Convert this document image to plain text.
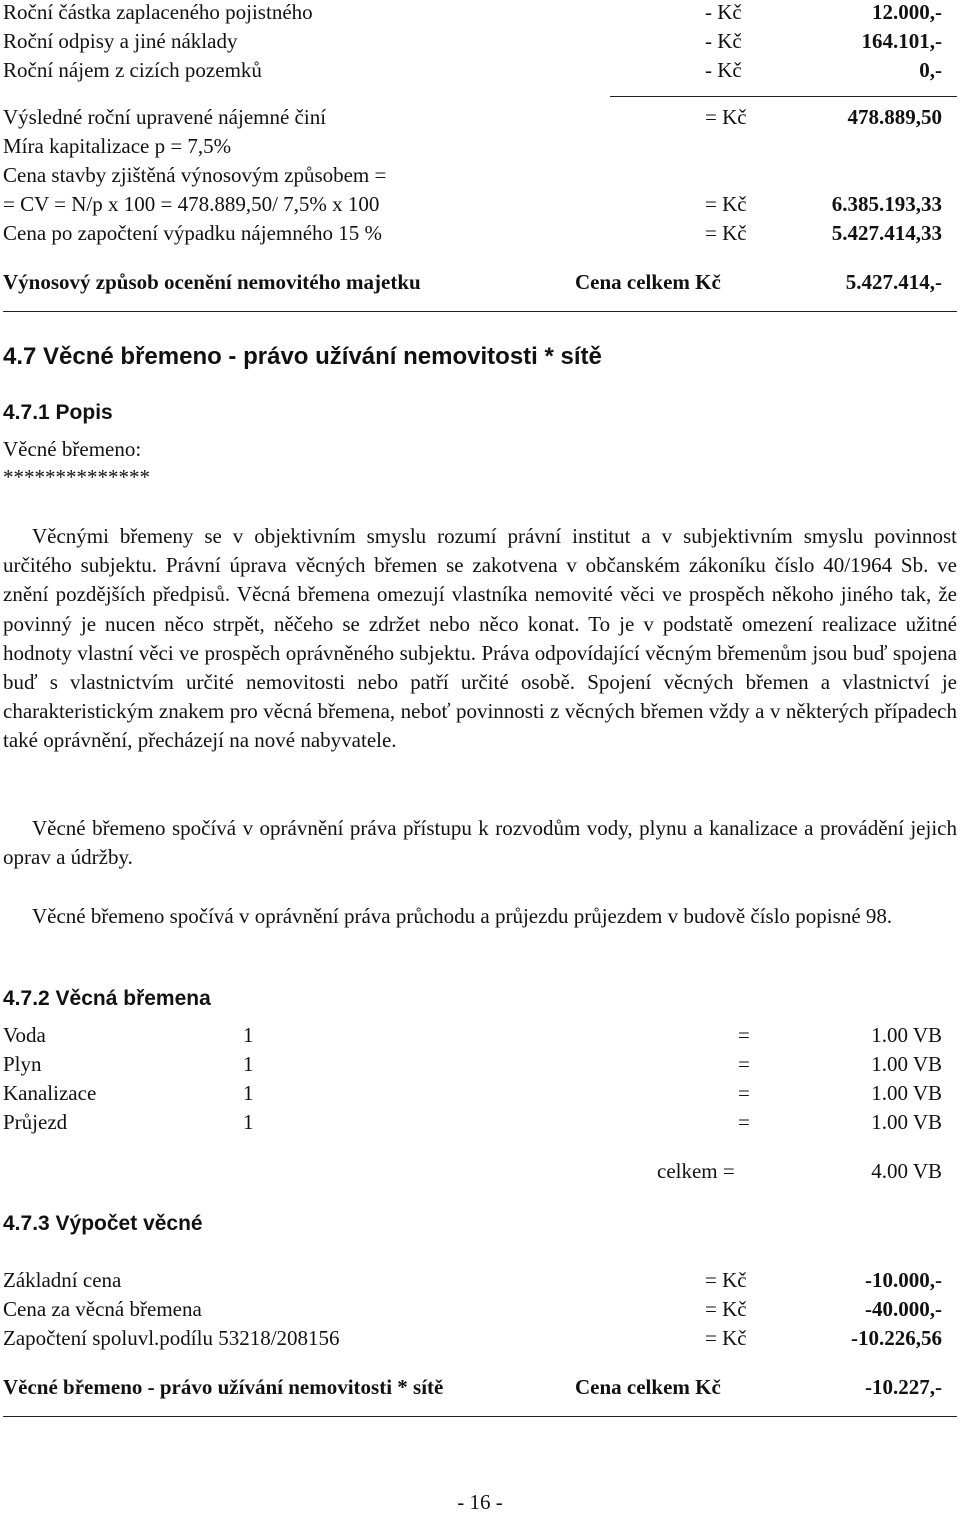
Roční částka zaplaceného pojistného	- Kč	12.000,-
Roční odpisy a jiné náklady	- Kč	164.101,-
Roční nájem z cizích pozemků	- Kč	0,-
Výsledné roční upravené nájemné činí	= Kč	478.889,50
Míra kapitalizace p = 7,5%
Cena stavby zjištěná výnosovým způsobem =
= CV = N/p x 100 = 478.889,50/ 7,5% x 100	= Kč	6.385.193,33
Cena po započtení výpadku nájemného 15 %	= Kč	5.427.414,33
Výnosový způsob ocenění nemovitého majetku	Cena celkem Kč	5.427.414,-
4.7 Věcné břemeno - právo užívání nemovitosti * sítě
4.7.1 Popis
Věcné břemeno:
**************

Věcnými břemeny se v objektivním smyslu rozumí právní institut a v subjektivním smyslu povinnost určitého subjektu. Právní úprava věcných břemen se zakotvena v občanském zákoníku číslo 40/1964 Sb. ve znění pozdějších předpisů. Věcná břemena omezují vlastníka nemovité věci ve prospěch někoho jiného tak, že povinný je nucen něco strpět, něčeho se zdržet nebo něco konat. To je v podstatě omezení realizace užitné hodnoty vlastní věci ve prospěch oprávněného subjektu. Práva odpovídající věcným břemenům jsou buď spojena buď s vlastnictvím určité nemovitosti nebo patří určité osobě. Spojení věcných břemen a vlastnictví je charakteristickým znakem pro věcná břemena, neboť povinnosti z věcných břemen vždy a v některých případech také oprávnění, přecházejí na nové nabyvatele.

Věcné břemeno spočívá v oprávnění práva přístupu k rozvodům vody, plynu a kanalizace a provádění jejich oprav a údržby.

Věcné břemeno spočívá v oprávnění práva průchodu a průjezdu průjezdem v budově číslo popisné 98.

4.7.2 Věcná břemena
Voda	1	=	1.00 VB
Plyn	1	=	1.00 VB
Kanalizace	1	=	1.00 VB
Průjezd	1	=	1.00 VB
celkem =	4.00 VB
4.7.3 Výpočet věcné
Základní cena	= Kč	-10.000,-
Cena za věcná břemena	= Kč	-40.000,-
Započtení spoluvl.podílu 53218/208156	= Kč	-10.226,56
Věcné břemeno - právo užívání nemovitosti * sítě	Cena celkem Kč	-10.227,-
- 16 -
